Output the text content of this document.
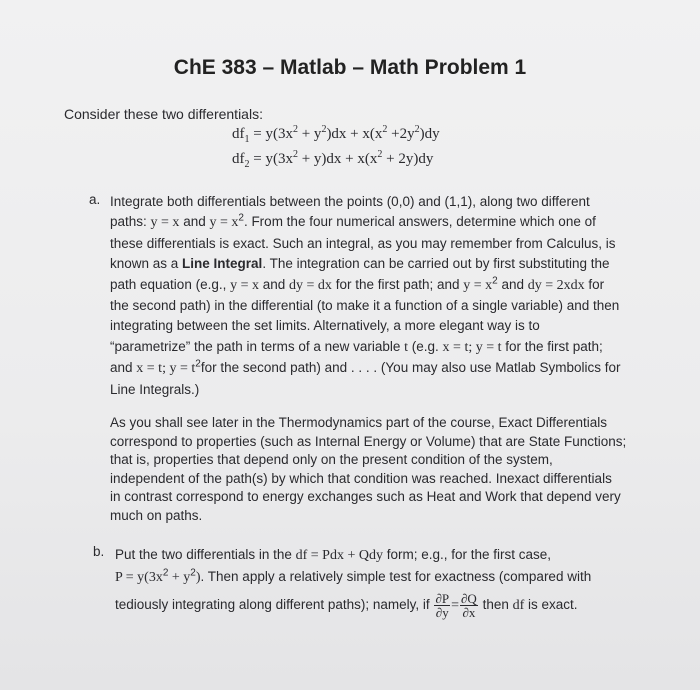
ChE 383 – Matlab – Math Problem 1
Consider these two differentials:
$df_1 = y(3x^2 + y^2)dx + x(x^2 +2y^2)dy$
$df_2 = y(3x^2 + y)dx + x(x^2 + 2y)dy$
a. Integrate both differentials between the points (0,0) and (1,1), along two different
paths: y = x and $y = x^2$. From the four numerical answers, determine which one of
these differentials is exact. Such an integral, as you may remember from Calculus, is
known as a Line Integral. The integration can be carried out by first substituting the
path equation (e.g., y = x and dy = dx for the first path; and $y = x^2$ and dy = 2xdx for
the second path) in the differential (to make it a function of a single variable) and then
integrating between the set limits. Alternatively, a more elegant way is to
“parametrize” the path in terms of a new variable t (e.g. x = t; y = t for the first path;
and x = t; $y = t^2for$ the second path) and . . . . (You may also use Matlab Symbolics for
Line Integrals.)
As you shall see later in the Thermodynamics part of the course, Exact Differentials
correspond to properties (such as Internal Energy or Volume) that are State Functions;
that is, properties that depend only on the present condition of the system,
independent of the path(s) by which that condition was reached. Inexact differentials
in contrast correspond to energy exchanges such as Heat and Work that depend very
much on paths.
b. Put the two differentials in the df = Pdx + Qdy form; e.g., for the first case,
$P = y(3x^2 + y^2)$. Then apply a relatively simple test for exactness (compared with
tediously integrating along different paths); namely, if $\frac{\partial P}{\partial y} = \frac{\partial Q}{\partial x}$ then df is exact.
